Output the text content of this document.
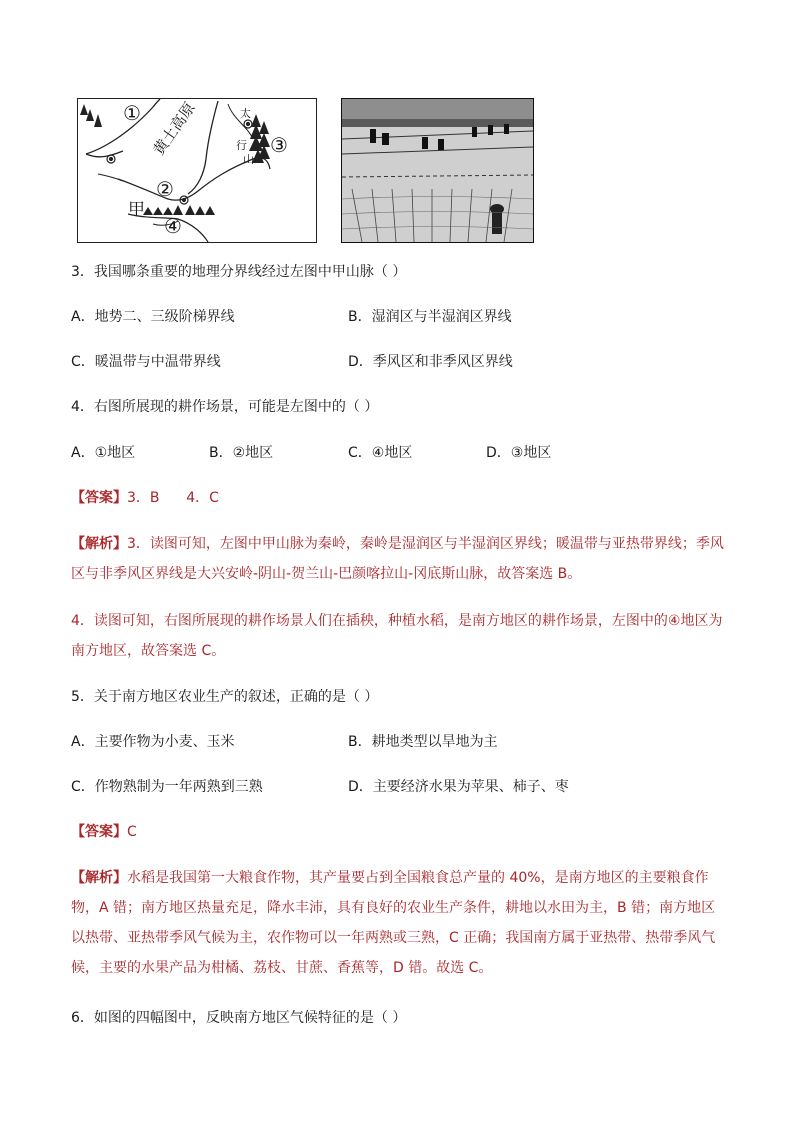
① 黄土高原
②
③
④
甲
太
行
山
3．我国哪条重要的地理分界线经过左图中甲山脉（ ）
A．地势二、三级阶梯界线	B．湿润区与半湿润区界线
C．暖温带与中温带界线	D．季风区和非季风区界线
4．右图所展现的耕作场景，可能是左图中的（ ）
A．①地区	B．②地区	C．④地区	D．③地区
【答案】3．B      4．C
【解析】3．读图可知，左图中甲山脉为秦岭，秦岭是湿润区与半湿润区界线；暖温带与亚热带界线；季风区与非季风区界线是大兴安岭-阴山-贺兰山-巴颜喀拉山-冈底斯山脉，故答案选 B。
4．读图可知，右图所展现的耕作场景人们在插秧，种植水稻，是南方地区的耕作场景，左图中的④地区为南方地区，故答案选 C。
5．关于南方地区农业生产的叙述，正确的是（ ）
A．主要作物为小麦、玉米	B．耕地类型以旱地为主
C．作物熟制为一年两熟到三熟	D．主要经济水果为苹果、柿子、枣
【答案】C
【解析】水稻是我国第一大粮食作物，其产量要占到全国粮食总产量的 40%，是南方地区的主要粮食作物，A 错；南方地区热量充足，降水丰沛，具有良好的农业生产条件，耕地以水田为主，B 错；南方地区以热带、亚热带季风气候为主，农作物可以一年两熟或三熟，C 正确；我国南方属于亚热带、热带季风气候，主要的水果产品为柑橘、荔枝、甘蔗、香蕉等，D 错。故选 C。
6．如图的四幅图中，反映南方地区气候特征的是（ ）
